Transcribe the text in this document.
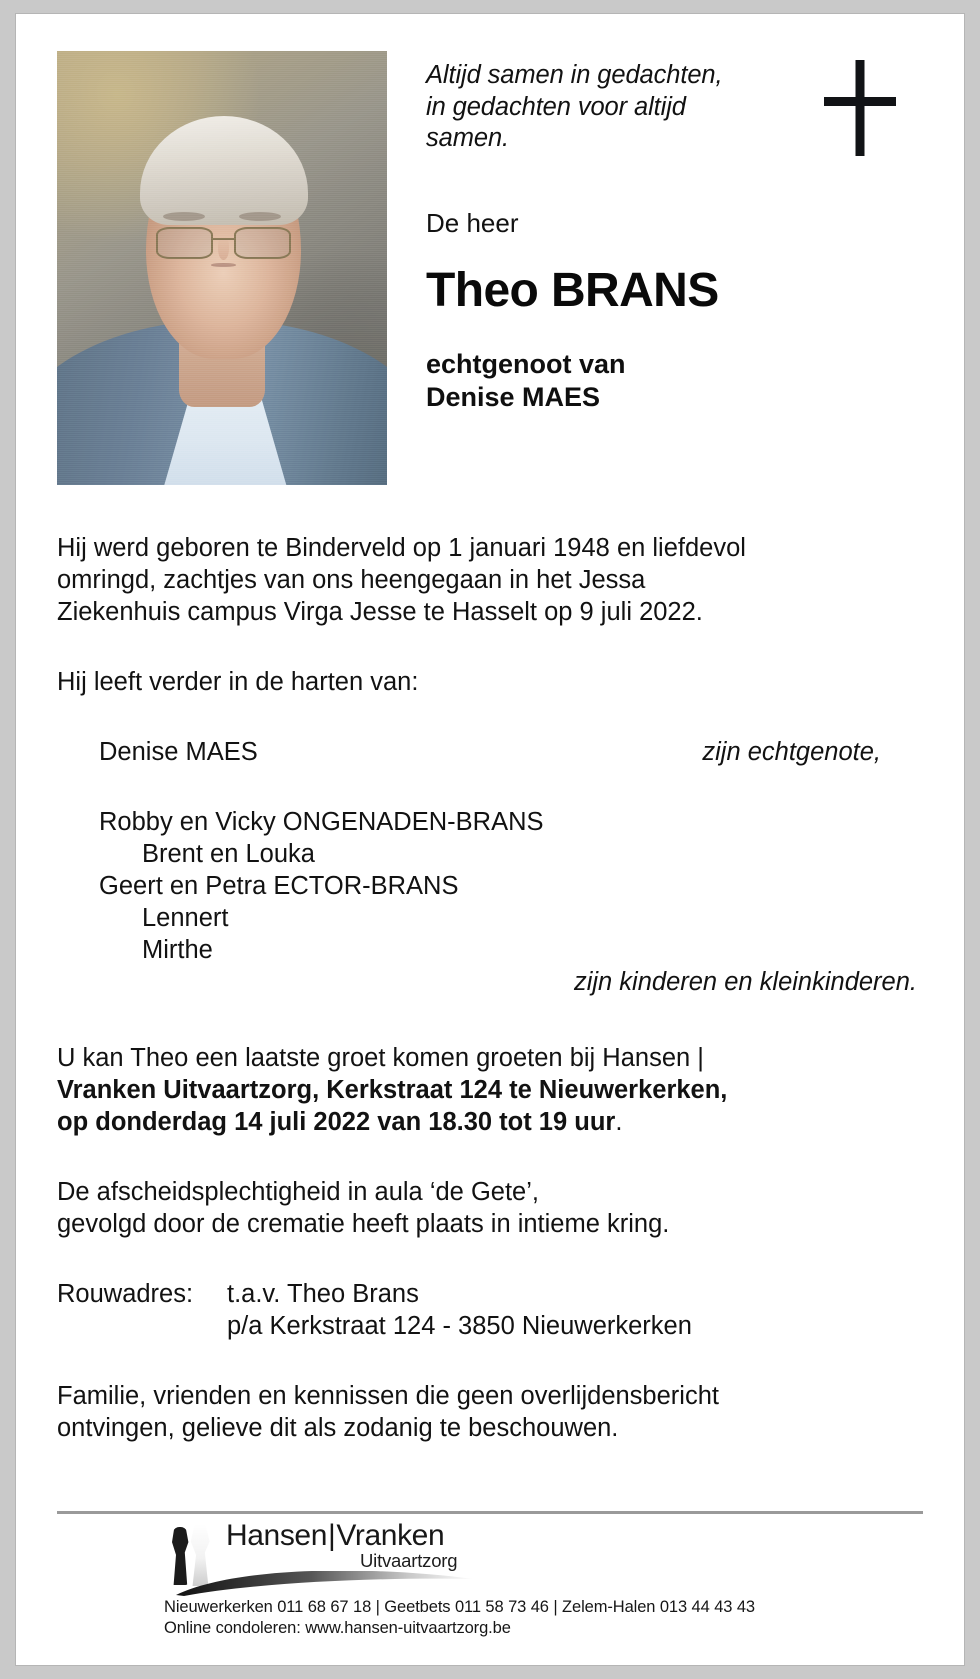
Altijd samen in gedachten,
in gedachten voor altijd
samen.
De heer
Theo BRANS
echtgenoot van
Denise MAES
Hij werd geboren te Binderveld op 1 januari 1948 en liefdevol
omringd, zachtjes van ons heengegaan in het Jessa
Ziekenhuis campus Virga Jesse te Hasselt op 9 juli 2022.
Hij leeft verder in de harten van:
Denise MAES	zijn echtgenote,
Robby en Vicky ONGENADEN-BRANS
Brent en Louka
Geert en Petra ECTOR-BRANS
Lennert
Mirthe
zijn kinderen en kleinkinderen.
U kan Theo een laatste groet komen groeten bij Hansen |
Vranken Uitvaartzorg, Kerkstraat 124 te Nieuwerkerken,
op donderdag 14 juli 2022 van 18.30 tot 19 uur.
De afscheidsplechtigheid in aula ‘de Gete’,
gevolgd door de crematie heeft plaats in intieme kring.
Rouwadres:	t.a.v. Theo Brans
p/a Kerkstraat 124 - 3850 Nieuwerkerken
Familie, vrienden en kennissen die geen overlijdensbericht
ontvingen, gelieve dit als zodanig te beschouwen.
Hansen|Vranken
Uitvaartzorg
Nieuwerkerken 011 68 67 18 | Geetbets 011 58 73 46 | Zelem-Halen 013 44 43 43
Online condoleren: www.hansen-uitvaartzorg.be
